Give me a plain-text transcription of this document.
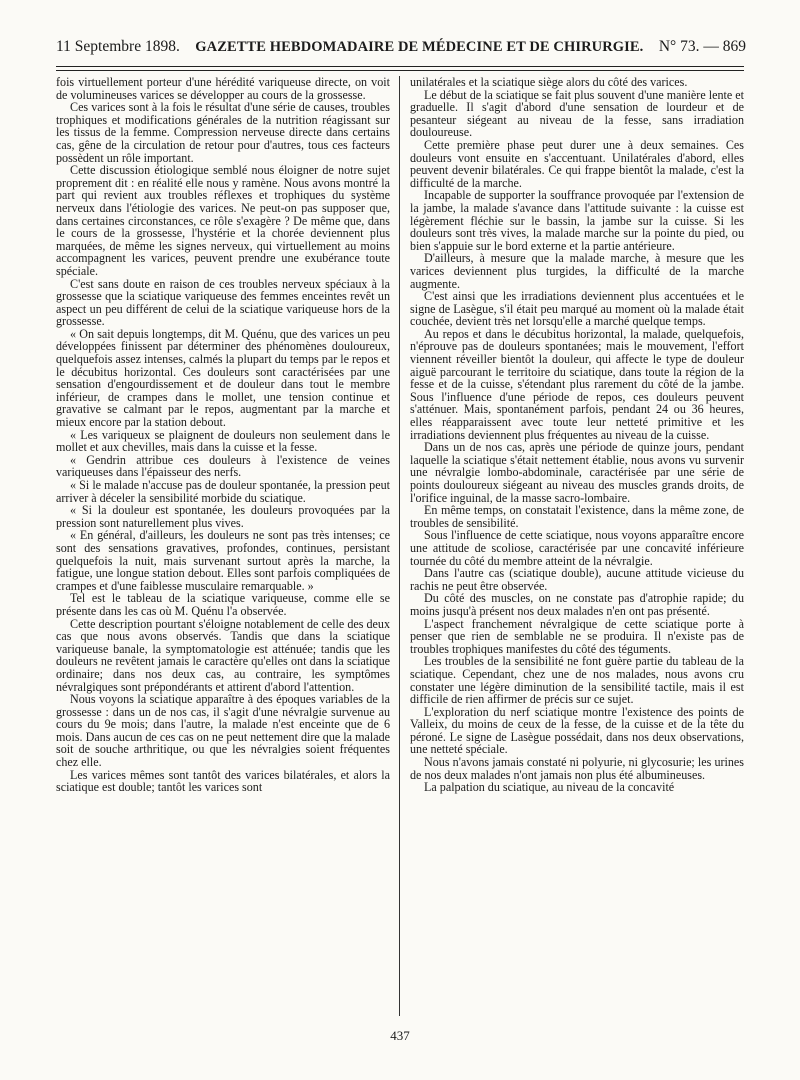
11 Septembre 1898. GAZETTE HEBDOMADAIRE DE MÉDECINE ET DE CHIRURGIE. N° 73. — 869

fois virtuellement porteur d'une hérédité variqueuse directe, on voit de volumineuses varices se développer au cours de la grossesse.

Ces varices sont à la fois le résultat d'une série de causes, troubles trophiques et modifications générales de la nutrition réagissant sur les tissus de la femme. Compression nerveuse directe dans certains cas, gêne de la circulation de retour pour d'autres, tous ces facteurs possèdent un rôle important.

Cette discussion étiologique semblé nous éloigner de notre sujet proprement dit : en réalité elle nous y ramène. Nous avons montré la part qui revient aux troubles réflexes et trophiques du système nerveux dans l'étiologie des varices. Ne peut-on pas supposer que, dans certaines circonstances, ce rôle s'exagère ? De même que, dans le cours de la grossesse, l'hystérie et la chorée deviennent plus marquées, de même les signes nerveux, qui virtuellement au moins accompagnent les varices, peuvent prendre une exubérance toute spéciale.

C'est sans doute en raison de ces troubles nerveux spéciaux à la grossesse que la sciatique variqueuse des femmes enceintes revêt un aspect un peu différent de celui de la sciatique variqueuse hors de la grossesse.

« On sait depuis longtemps, dit M. Quénu, que des varices un peu développées finissent par déterminer des phénomènes douloureux, quelquefois assez intenses, calmés la plupart du temps par le repos et le décubitus horizontal. Ces douleurs sont caractérisées par une sensation d'engourdissement et de douleur dans tout le membre inférieur, de crampes dans le mollet, une tension continue et gravative se calmant par le repos, augmentant par la marche et mieux encore par la station debout.

« Les variqueux se plaignent de douleurs non seulement dans le mollet et aux chevilles, mais dans la cuisse et la fesse.

« Gendrin attribue ces douleurs à l'existence de veines variqueuses dans l'épaisseur des nerfs.

« Si le malade n'accuse pas de douleur spontanée, la pression peut arriver à déceler la sensibilité morbide du sciatique.

« Si la douleur est spontanée, les douleurs provoquées par la pression sont naturellement plus vives.

« En général, d'ailleurs, les douleurs ne sont pas très intenses; ce sont des sensations gravatives, profondes, continues, persistant quelquefois la nuit, mais survenant surtout après la marche, la fatigue, une longue station debout. Elles sont parfois compliquées de crampes et d'une faiblesse musculaire remarquable. »

Tel est le tableau de la sciatique variqueuse, comme elle se présente dans les cas où M. Quénu l'a observée.

Cette description pourtant s'éloigne notablement de celle des deux cas que nous avons observés. Tandis que dans la sciatique variqueuse banale, la symptomatologie est atténuée; tandis que les douleurs ne revêtent jamais le caractère qu'elles ont dans la sciatique ordinaire; dans nos deux cas, au contraire, les symptômes névralgiques sont prépondérants et attirent d'abord l'attention.

Nous voyons la sciatique apparaître à des époques variables de la grossesse : dans un de nos cas, il s'agit d'une névralgie survenue au cours du 9e mois; dans l'autre, la malade n'est enceinte que de 6 mois. Dans aucun de ces cas on ne peut nettement dire que la malade soit de souche arthritique, ou que les névralgies soient fréquentes chez elle.

Les varices mêmes sont tantôt des varices bilatérales, et alors la sciatique est double; tantôt les varices sont

unilatérales et la sciatique siège alors du côté des varices.

Le début de la sciatique se fait plus souvent d'une manière lente et graduelle. Il s'agit d'abord d'une sensation de lourdeur et de pesanteur siégeant au niveau de la fesse, sans irradiation douloureuse.

Cette première phase peut durer une à deux semaines. Ces douleurs vont ensuite en s'accentuant. Unilatérales d'abord, elles peuvent devenir bilatérales. Ce qui frappe bientôt la malade, c'est la difficulté de la marche.

Incapable de supporter la souffrance provoquée par l'extension de la jambe, la malade s'avance dans l'attitude suivante : la cuisse est légèrement fléchie sur le bassin, la jambe sur la cuisse. Si les douleurs sont très vives, la malade marche sur la pointe du pied, ou bien s'appuie sur le bord externe et la partie antérieure.

D'ailleurs, à mesure que la malade marche, à mesure que les varices deviennent plus turgides, la difficulté de la marche augmente.

C'est ainsi que les irradiations deviennent plus accentuées et le signe de Lasègue, s'il était peu marqué au moment où la malade était couchée, devient très net lorsqu'elle a marché quelque temps.

Au repos et dans le décubitus horizontal, la malade, quelquefois, n'éprouve pas de douleurs spontanées; mais le mouvement, l'effort viennent réveiller bientôt la douleur, qui affecte le type de douleur aiguë parcourant le territoire du sciatique, dans toute la région de la fesse et de la cuisse, s'étendant plus rarement du côté de la jambe. Sous l'influence d'une période de repos, ces douleurs peuvent s'atténuer. Mais, spontanément parfois, pendant 24 ou 36 heures, elles réapparaissent avec toute leur netteté primitive et les irradiations deviennent plus fréquentes au niveau de la cuisse.

Dans un de nos cas, après une période de quinze jours, pendant laquelle la sciatique s'était nettement établie, nous avons vu survenir une névralgie lombo-abdominale, caractérisée par une série de points douloureux siégeant au niveau des muscles grands droits, de l'orifice inguinal, de la masse sacro-lombaire.

En même temps, on constatait l'existence, dans la même zone, de troubles de sensibilité.

Sous l'influence de cette sciatique, nous voyons apparaître encore une attitude de scoliose, caractérisée par une concavité inférieure tournée du côté du membre atteint de la névralgie.

Dans l'autre cas (sciatique double), aucune attitude vicieuse du rachis ne peut être observée.

Du côté des muscles, on ne constate pas d'atrophie rapide; du moins jusqu'à présent nos deux malades n'en ont pas présenté.

L'aspect franchement névralgique de cette sciatique porte à penser que rien de semblable ne se produira. Il n'existe pas de troubles trophiques manifestes du côté des téguments.

Les troubles de la sensibilité ne font guère partie du tableau de la sciatique. Cependant, chez une de nos malades, nous avons cru constater une légère diminution de la sensibilité tactile, mais il est difficile de rien affirmer de précis sur ce sujet.

L'exploration du nerf sciatique montre l'existence des points de Valleix, du moins de ceux de la fesse, de la cuisse et de la tête du péroné. Le signe de Lasègue possédait, dans nos deux observations, une netteté spéciale.

Nous n'avons jamais constaté ni polyurie, ni glycosurie; les urines de nos deux malades n'ont jamais non plus été albumineuses.

La palpation du sciatique, au niveau de la concavité

437
